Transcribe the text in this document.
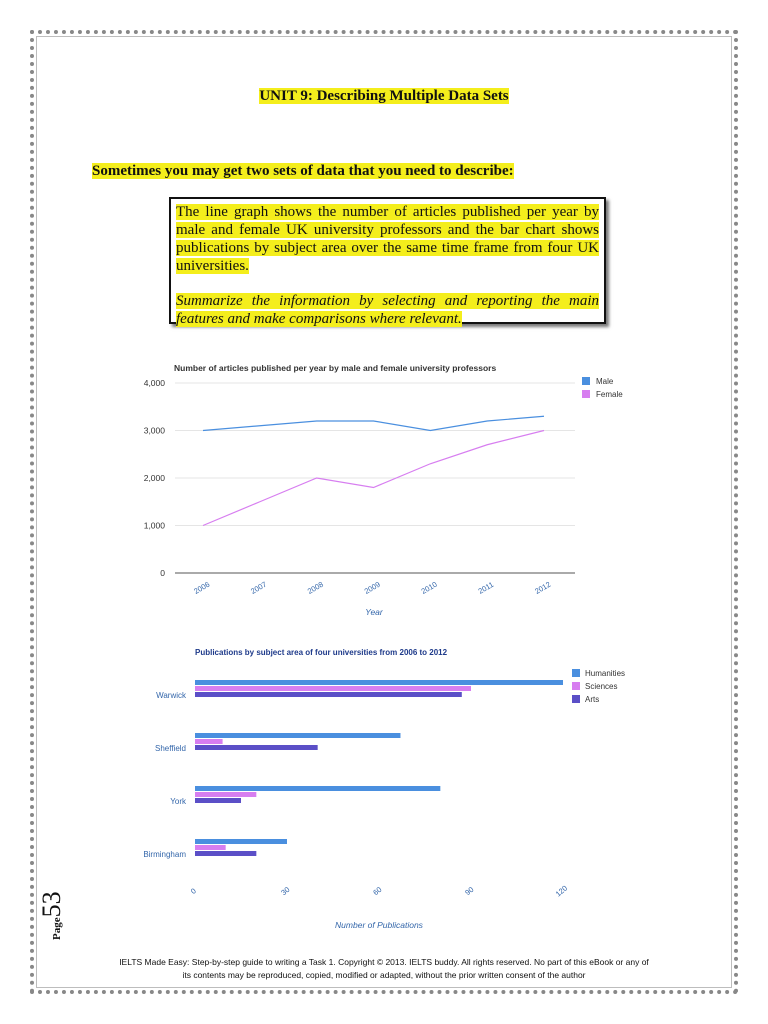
UNIT 9: Describing Multiple Data Sets
Sometimes you may get two sets of data that you need to describe:

The line graph shows the number of articles published per year by male and female UK university professors and the bar chart shows publications by subject area over the same time frame from four UK universities.

Summarize the information by selecting and reporting the main features and make comparisons where relevant.

Number of articles published per year by male and female university professors
0
1,000
2,000
3,000
4,000
2006	2007	2008	2009	2010	2011	2012
Male
Female
Year
Publications by subject area of four universities from 2006 to 2012
Warwick
Sheffield
York
Birmingham
0	30	60	90	120
Humanities
Sciences
Arts
Number of Publications
Page53
IELTS Made Easy: Step-by-step guide to writing a Task 1. Copyright © 2013. IELTS buddy. All rights reserved. No part of this eBook or any of
its contents may be reproduced, copied, modified or adapted, without the prior written consent of the author
